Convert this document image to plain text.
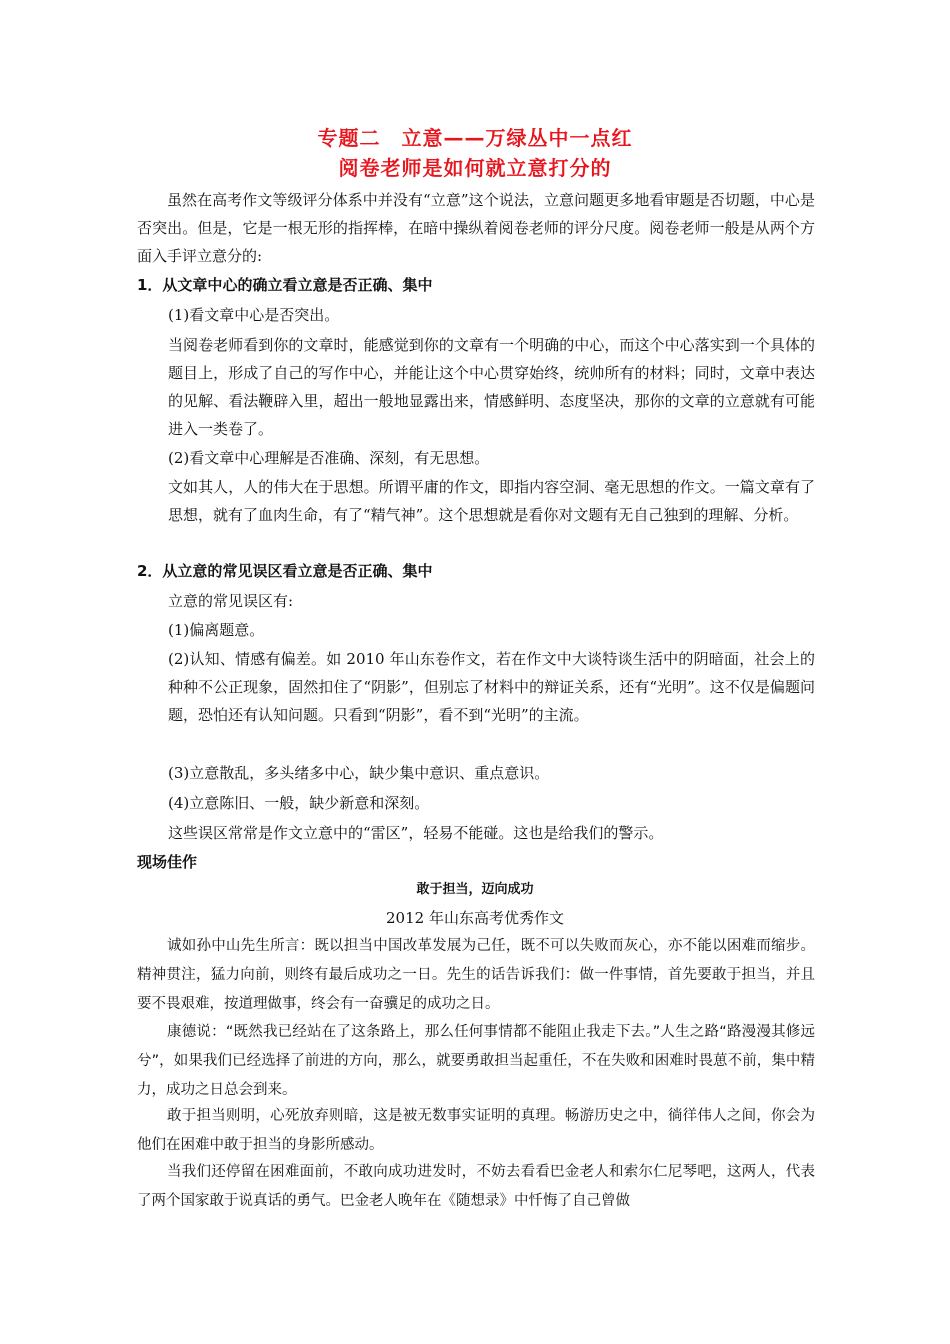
专题二　立意——万绿丛中一点红
阅卷老师是如何就立意打分的
虽然在高考作文等级评分体系中并没有“立意”这个说法，立意问题更多地看审题是否切题，中心是否突出。但是，它是一根无形的指挥棒，在暗中操纵着阅卷老师的评分尺度。阅卷老师一般是从两个方面入手评立意分的:
1．从文章中心的确立看立意是否正确、集中
(1)看文章中心是否突出。
当阅卷老师看到你的文章时，能感觉到你的文章有一个明确的中心，而这个中心落实到一个具体的题目上，形成了自己的写作中心，并能让这个中心贯穿始终，统帅所有的材料；同时，文章中表达的见解、看法鞭辟入里，超出一般地显露出来，情感鲜明、态度坚决，那你的文章的立意就有可能进入一类卷了。
(2)看文章中心理解是否准确、深刻，有无思想。
文如其人，人的伟大在于思想。所谓平庸的作文，即指内容空洞、毫无思想的作文。一篇文章有了思想，就有了血肉生命，有了“精气神”。这个思想就是看你对文题有无自己独到的理解、分析。
2．从立意的常见误区看立意是否正确、集中
立意的常见误区有:
(1)偏离题意。
(2)认知、情感有偏差。如 2010 年山东卷作文，若在作文中大谈特谈生活中的阴暗面，社会上的种种不公正现象，固然扣住了“阴影”，但别忘了材料中的辩证关系，还有“光明”。这不仅是偏题问题，恐怕还有认知问题。只看到“阴影”，看不到“光明”的主流。
(3)立意散乱，多头绪多中心，缺少集中意识、重点意识。
(4)立意陈旧、一般，缺少新意和深刻。
这些误区常常是作文立意中的“雷区”，轻易不能碰。这也是给我们的警示。
现场佳作
敢于担当，迈向成功
2012 年山东高考优秀作文
诚如孙中山先生所言：既以担当中国改革发展为己任，既不可以失败而灰心，亦不能以困难而缩步。精神贯注，猛力向前，则终有最后成功之一日。先生的话告诉我们：做一件事情，首先要敢于担当，并且要不畏艰难，按道理做事，终会有一奋骥足的成功之日。
康德说：“既然我已经站在了这条路上，那么任何事情都不能阻止我走下去。”人生之路“路漫漫其修远兮”，如果我们已经选择了前进的方向，那么，就要勇敢担当起重任，不在失败和困难时畏葸不前，集中精力，成功之日总会到来。
敢于担当则明，心死放弃则暗，这是被无数事实证明的真理。畅游历史之中，徜徉伟人之间，你会为他们在困难中敢于担当的身影所感动。
当我们还停留在困难面前，不敢向成功进发时，不妨去看看巴金老人和索尔仁尼琴吧，这两人，代表了两个国家敢于说真话的勇气。巴金老人晚年在《随想录》中忏悔了自己曾做
